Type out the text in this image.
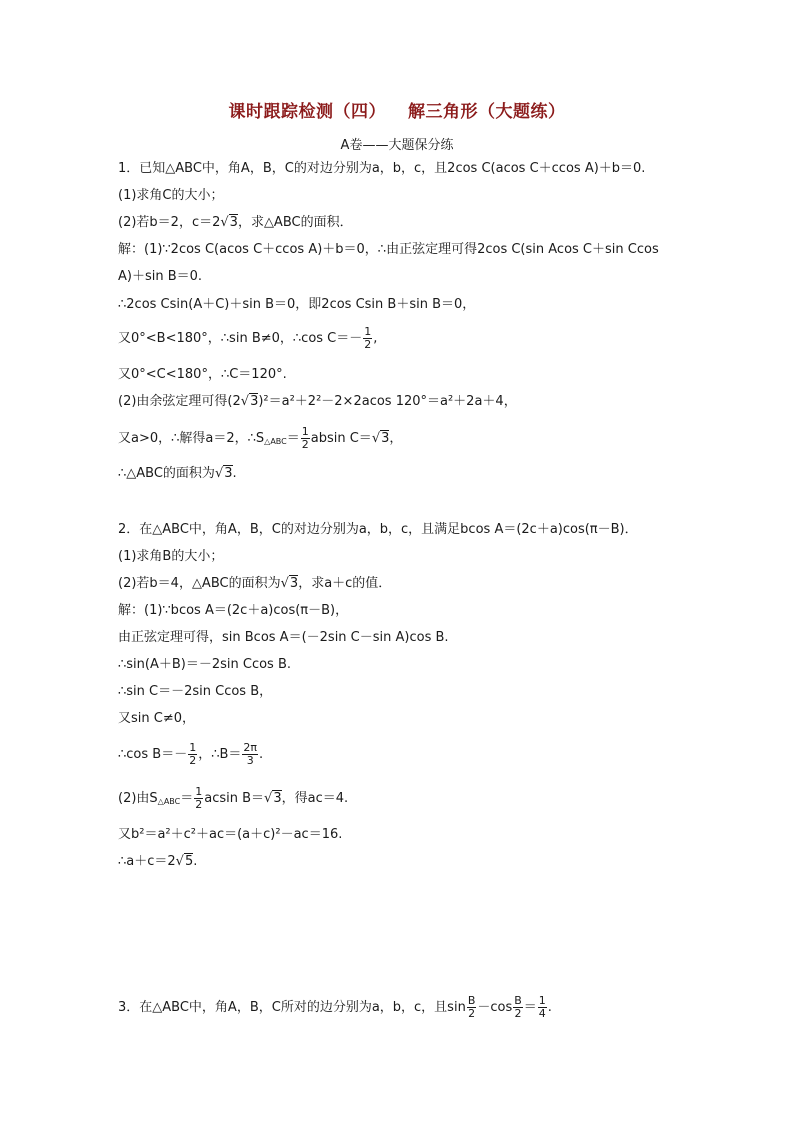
课时跟踪检测（四） 解三角形（大题练）
A卷——大题保分练
1．已知△ABC中，角A，B，C的对边分别为a，b，c，且2cos C(acos C＋ccos A)＋b＝0.
(1)求角C的大小；
(2)若b＝2，c＝2√3，求△ABC的面积．
解：(1)∵2cos C(acos C＋ccos A)＋b＝0，∴由正弦定理可得2cos C(sin Acos C＋sin Ccos
A)＋sin B＝0.
∴2cos Csin(A＋C)＋sin B＝0，即2cos Csin B＋sin B＝0，
又0°<B<180°，∴sin B≠0，∴cos $C=- \frac{1}{2}$ ,
又0°<C<180°，∴C＝120°.
(2)由余弦定理可得(2√3)²＝a²＋2²－2×2acos 120°＝a²＋2a＋4，
又a>0，∴解得a＝2，$\therefore S_{\triangle ABC}= \frac{1}{2}$ absin C＝√3，
∴△ABC的面积为√3.
2．在△ABC中，角A，B，C的对边分别为a，b，c，且满足bcos A＝(2c＋a)cos(π－B)．
(1)求角B的大小；
(2)若b＝4，△ABC的面积为√3，求a＋c的值．
解：(1)∵bcos A＝(2c＋a)cos(π－B)，
由正弦定理可得，sin Bcos A＝(－2sin C－sin A)cos B.
∴sin(A＋B)＝－2sin Ccos B.
∴sin C＝－2sin Ccos B，
又sin C≠0，
∴cos $B=- \frac{1}{2}$ ，∴B＝ $\frac{2\pi}{3}$ .
(2)由$S_{\triangle ABC}= \frac{1}{2}$ acsin B＝√3，得ac＝4.
又b²＝a²＋c²＋ac＝(a＋c)²－ac＝16.
∴a＋c＝2√5.
3．在△ABC中，角A，B，C所对的边分别为a，b，c，且$\sin \frac{B}{2} -\cos \frac{B}{2} = \frac{1}{4}$ .
